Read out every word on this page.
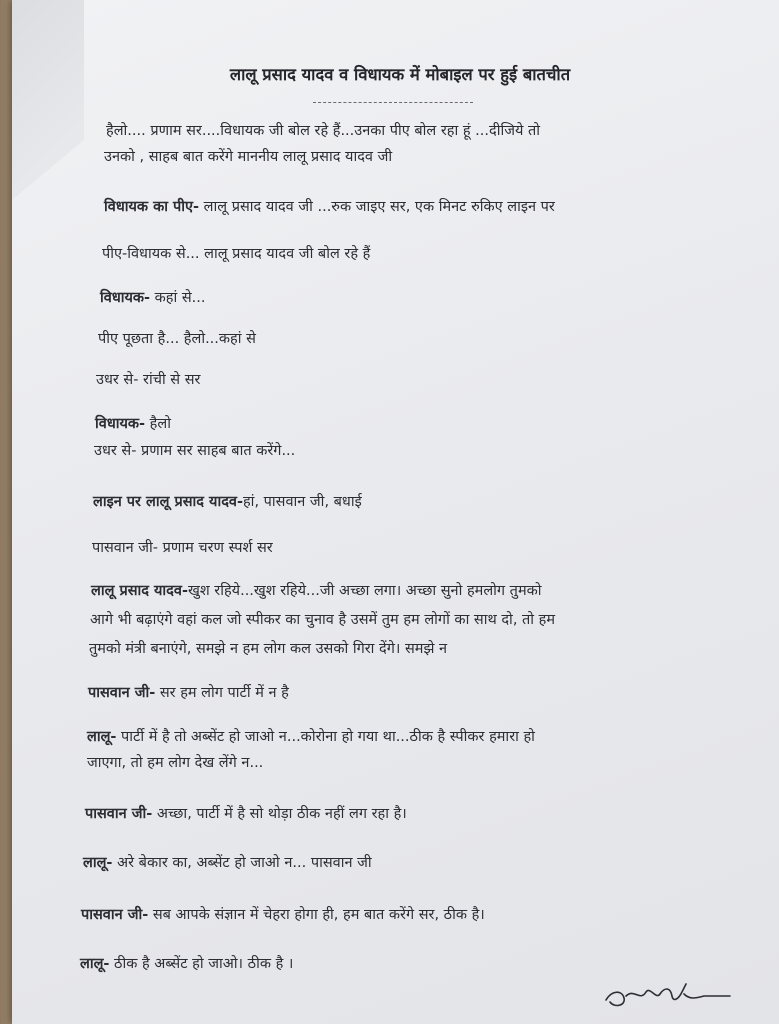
लालू प्रसाद यादव व विधायक में मोबाइल पर हुई बातचीत
हैलो.... प्रणाम सर....विधायक जी बोल रहे हैं...उनका पीए बोल रहा हूं ...दीजिये तो
उनको , साहब बात करेंगे माननीय लालू प्रसाद यादव जी
विधायक का पीए- लालू प्रसाद यादव जी ...रुक जाइए सर, एक मिनट रुकिए लाइन पर
पीए-विधायक से... लालू प्रसाद यादव जी बोल रहे हैं
विधायक- कहां से...
पीए पूछता है... हैलो...कहां से
उधर से- रांची से सर
विधायक- हैलो
उधर से- प्रणाम सर साहब बात करेंगे...
लाइन पर लालू प्रसाद यादव-हां, पासवान जी, बधाई
पासवान जी- प्रणाम चरण स्पर्श सर
लालू प्रसाद यादव-खुश रहिये...खुश रहिये...जी अच्छा लगा। अच्छा सुनो हमलोग तुमको
आगे भी बढ़ाएंगे वहां कल जो स्पीकर का चुनाव है उसमें तुम हम लोगों का साथ दो, तो हम
तुमको मंत्री बनाएंगे, समझे न हम लोग कल उसको गिरा देंगे। समझे न
पासवान जी- सर हम लोग पार्टी में न है
लालू- पार्टी में है तो अब्सेंट हो जाओ न...कोरोना हो गया था...ठीक है स्पीकर हमारा हो
जाएगा, तो हम लोग देख लेंगे न...
पासवान जी- अच्छा, पार्टी में है सो थोड़ा ठीक नहीं लग रहा है।
लालू- अरे बेकार का, अब्सेंट हो जाओ न... पासवान जी
पासवान जी- सब आपके संज्ञान में चेहरा होगा ही, हम बात करेंगे सर, ठीक है।
लालू- ठीक है अब्सेंट हो जाओ। ठीक है ।
